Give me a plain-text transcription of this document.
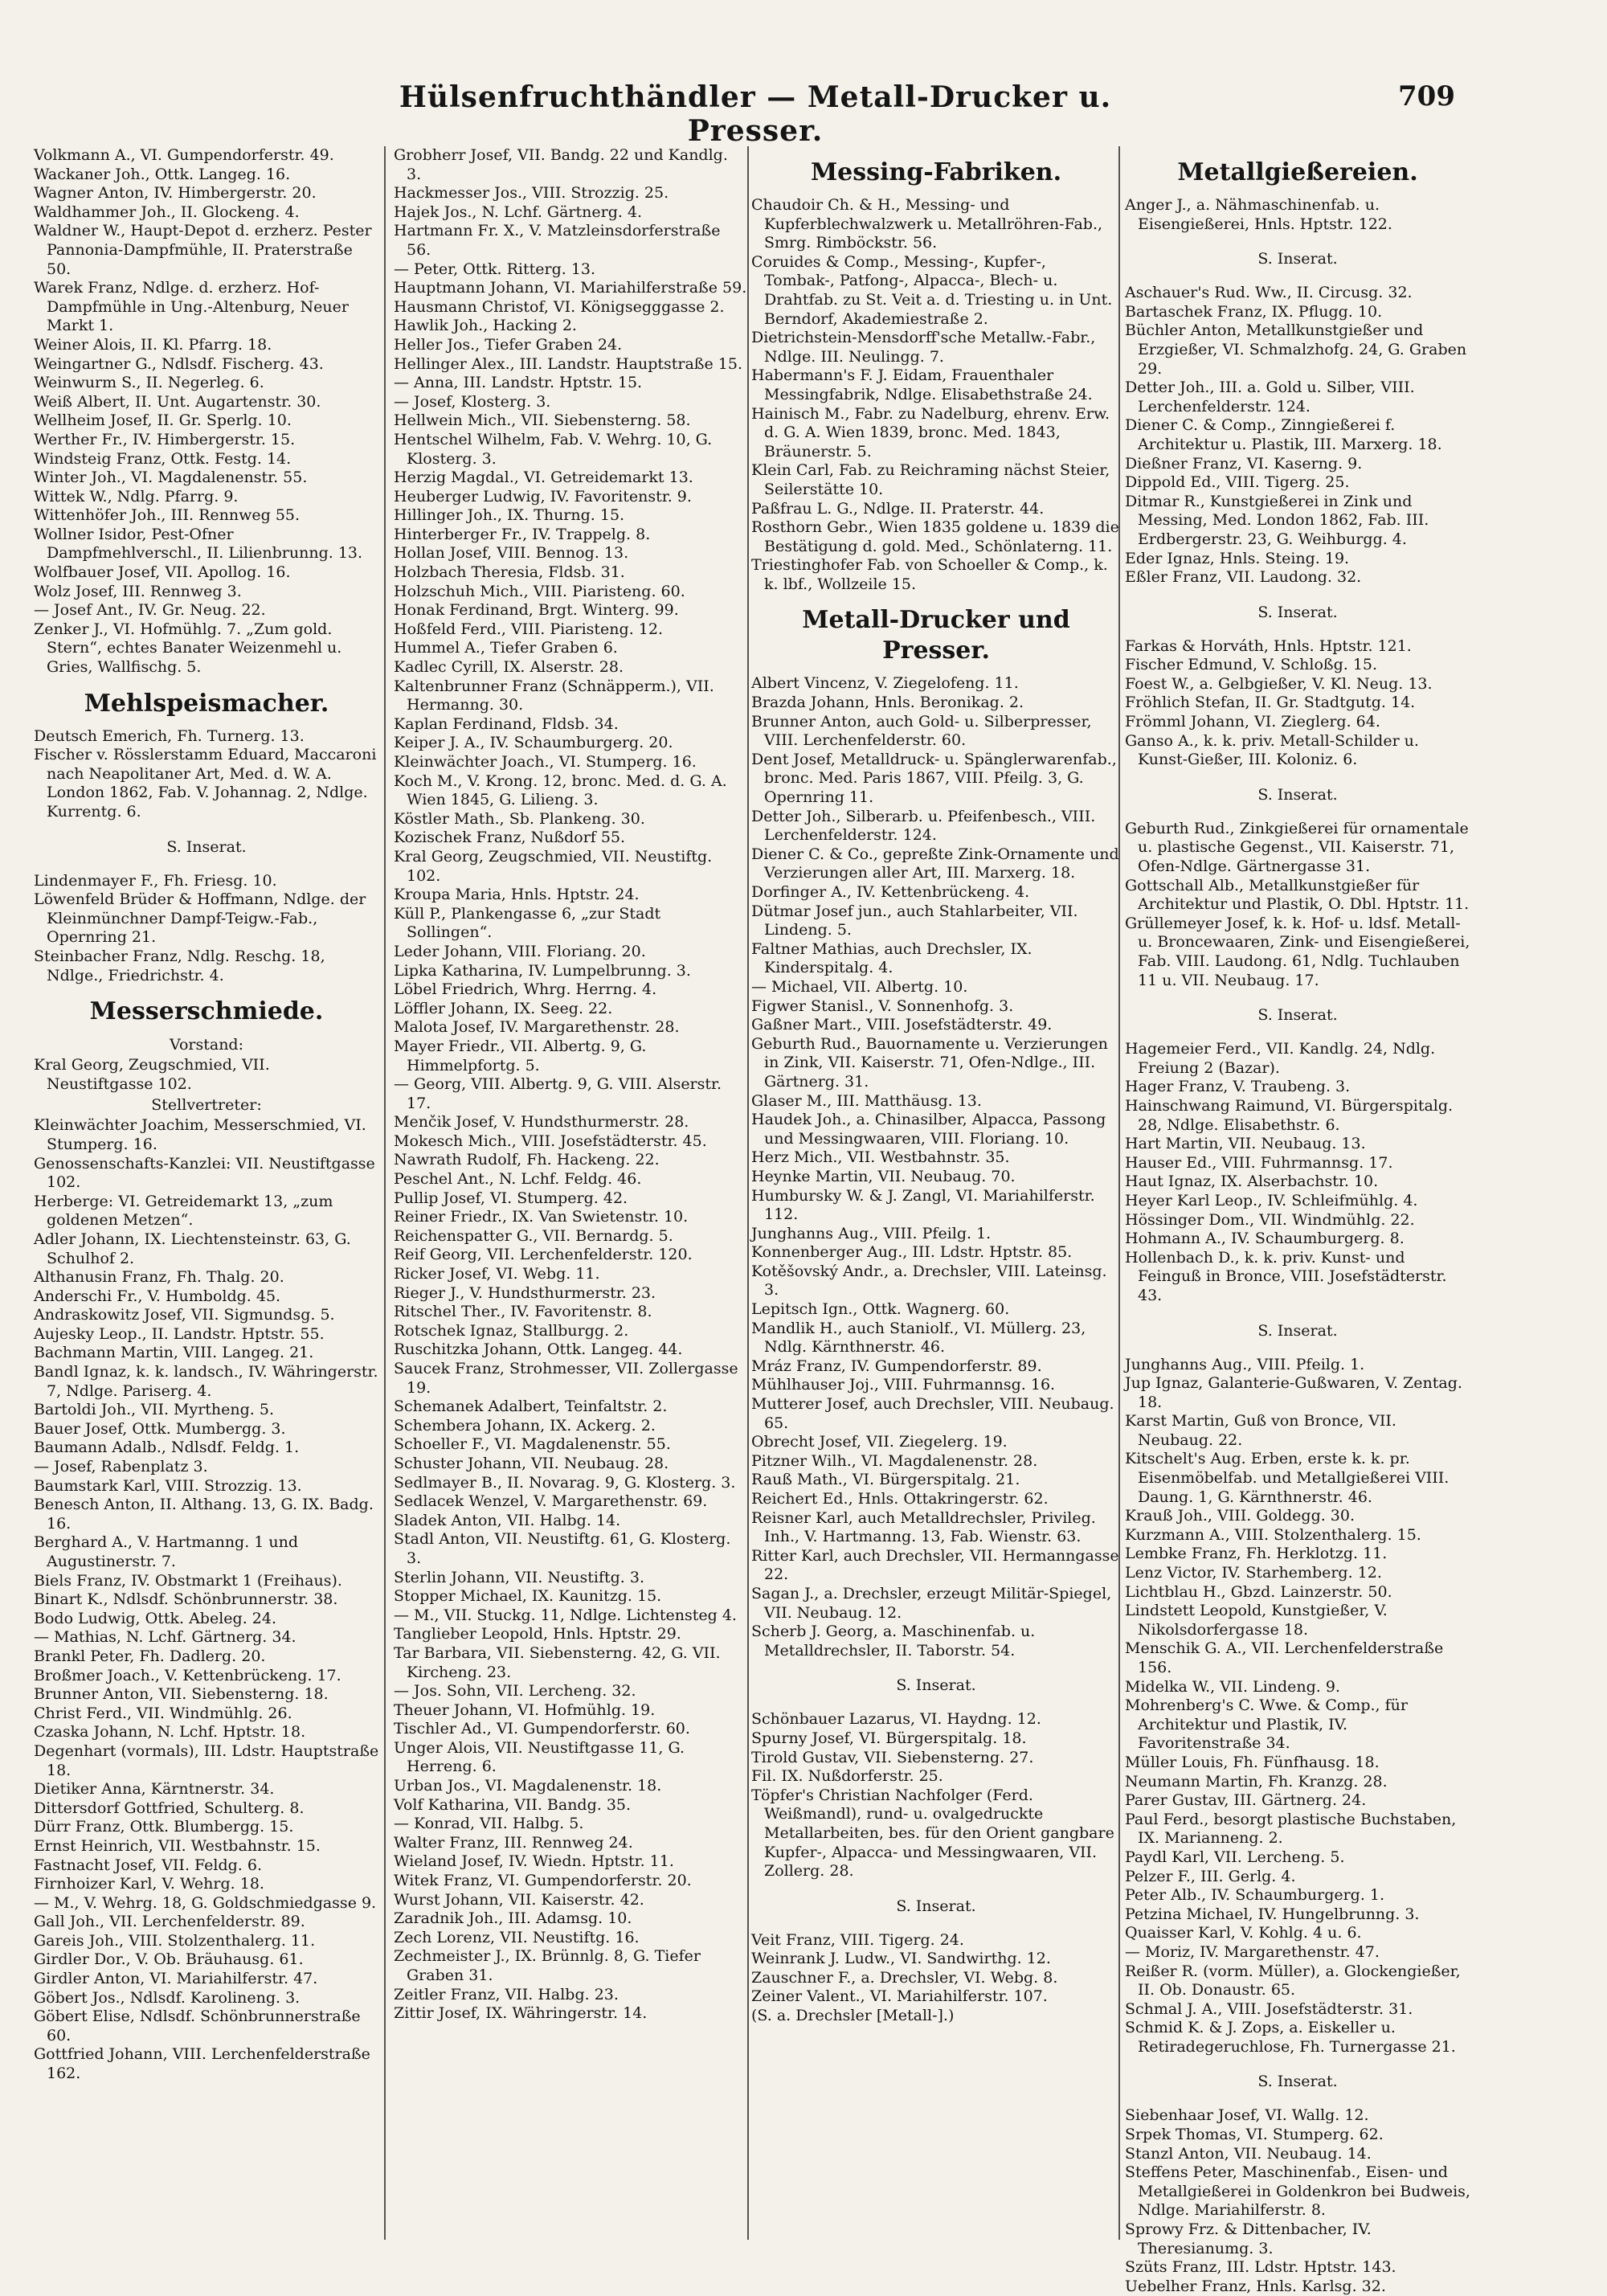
Hülsenfruchthändler — Metall-Drucker u. Presser.
709

Volkmann A., VI. Gumpendorferstr. 49.

Wackaner Joh., Ottk. Langeg. 16.

Wagner Anton, IV. Himbergerstr. 20.

Waldhammer Joh., II. Glockeng. 4.

Waldner W., Haupt-Depot d. erzherz. Pester Pannonia-Dampfmühle, II. Praterstraße 50.

Warek Franz, Ndlge. d. erzherz. Hof-Dampfmühle in Ung.-Altenburg, Neuer Markt 1.

Weiner Alois, II. Kl. Pfarrg. 18.

Weingartner G., Ndlsdf. Fischerg. 43.

Weinwurm S., II. Negerleg. 6.

Weiß Albert, II. Unt. Augartenstr. 30.

Wellheim Josef, II. Gr. Sperlg. 10.

Werther Fr., IV. Himbergerstr. 15.

Windsteig Franz, Ottk. Festg. 14.

Winter Joh., VI. Magdalenenstr. 55.

Wittek W., Ndlg. Pfarrg. 9.

Wittenhöfer Joh., III. Rennweg 55.

Wollner Isidor, Pest-Ofner Dampfmehlverschl., II. Lilienbrunng. 13.

Wolfbauer Josef, VII. Apollog. 16.

Wolz Josef, III. Rennweg 3.

— Josef Ant., IV. Gr. Neug. 22.

Zenker J., VI. Hofmühlg. 7. „Zum gold. Stern“, echtes Banater Weizenmehl u. Gries, Wallfischg. 5.

Mehlspeismacher.

Deutsch Emerich, Fh. Turnerg. 13.

Fischer v. Rösslerstamm Eduard, Maccaroni nach Neapolitaner Art, Med. d. W. A. London 1862, Fab. V. Johannag. 2, Ndlge. Kurrentg. 6.

S. Inserat.

Lindenmayer F., Fh. Friesg. 10.

Löwenfeld Brüder & Hoffmann, Ndlge. der Kleinmünchner Dampf-Teigw.-Fab., Opernring 21.

Steinbacher Franz, Ndlg. Reschg. 18, Ndlge., Friedrichstr. 4.

Messerschmiede.
Vorstand:

Kral Georg, Zeugschmied, VII. Neustiftgasse 102.

Stellvertreter:

Kleinwächter Joachim, Messerschmied, VI. Stumperg. 16.

Genossenschafts-Kanzlei: VII. Neustiftgasse 102.

Herberge: VI. Getreidemarkt 13, „zum goldenen Metzen“.

Adler Johann, IX. Liechtensteinstr. 63, G. Schulhof 2.

Althanusin Franz, Fh. Thalg. 20.

Anderschi Fr., V. Humboldg. 45.

Andraskowitz Josef, VII. Sigmundsg. 5.

Aujesky Leop., II. Landstr. Hptstr. 55.

Bachmann Martin, VIII. Langeg. 21.

Bandl Ignaz, k. k. landsch., IV. Währingerstr. 7, Ndlge. Pariserg. 4.

Bartoldi Joh., VII. Myrtheng. 5.

Bauer Josef, Ottk. Mumbergg. 3.

Baumann Adalb., Ndlsdf. Feldg. 1.

— Josef, Rabenplatz 3.

Baumstark Karl, VIII. Strozzig. 13.

Benesch Anton, II. Althang. 13, G. IX. Badg. 16.

Berghard A., V. Hartmanng. 1 und Augustinerstr. 7.

Biels Franz, IV. Obstmarkt 1 (Freihaus).

Binart K., Ndlsdf. Schönbrunnerstr. 38.

Bodo Ludwig, Ottk. Abeleg. 24.

— Mathias, N. Lchf. Gärtnerg. 34.

Brankl Peter, Fh. Dadlerg. 20.

Broßmer Joach., V. Kettenbrückeng. 17.

Brunner Anton, VII. Siebensterng. 18.

Christ Ferd., VII. Windmühlg. 26.

Czaska Johann, N. Lchf. Hptstr. 18.

Degenhart (vormals), III. Ldstr. Hauptstraße 18.

Dietiker Anna, Kärntnerstr. 34.

Dittersdorf Gottfried, Schulterg. 8.

Dürr Franz, Ottk. Blumbergg. 15.

Ernst Heinrich, VII. Westbahnstr. 15.

Fastnacht Josef, VII. Feldg. 6.

Firnhoizer Karl, V. Wehrg. 18.

— M., V. Wehrg. 18, G. Goldschmiedgasse 9.

Gall Joh., VII. Lerchenfelderstr. 89.

Gareis Joh., VIII. Stolzenthalerg. 11.

Girdler Dor., V. Ob. Bräuhausg. 61.

Girdler Anton, VI. Mariahilferstr. 47.

Göbert Jos., Ndlsdf. Karolineng. 3.

Göbert Elise, Ndlsdf. Schönbrunnerstraße 60.

Gottfried Johann, VIII. Lerchenfelderstraße 162.

Grobherr Josef, VII. Bandg. 22 und Kandlg. 3.

Hackmesser Jos., VIII. Strozzig. 25.

Hajek Jos., N. Lchf. Gärtnerg. 4.

Hartmann Fr. X., V. Matzleinsdorferstraße 56.

— Peter, Ottk. Ritterg. 13.

Hauptmann Johann, VI. Mariahilferstraße 59.

Hausmann Christof, VI. Königsegggasse 2.

Hawlik Joh., Hacking 2.

Heller Jos., Tiefer Graben 24.

Hellinger Alex., III. Landstr. Hauptstraße 15.

— Anna, III. Landstr. Hptstr. 15.

— Josef, Klosterg. 3.

Hellwein Mich., VII. Siebensterng. 58.

Hentschel Wilhelm, Fab. V. Wehrg. 10, G. Klosterg. 3.

Herzig Magdal., VI. Getreidemarkt 13.

Heuberger Ludwig, IV. Favoritenstr. 9.

Hillinger Joh., IX. Thurng. 15.

Hinterberger Fr., IV. Trappelg. 8.

Hollan Josef, VIII. Bennog. 13.

Holzbach Theresia, Fldsb. 31.

Holzschuh Mich., VIII. Piaristeng. 60.

Honak Ferdinand, Brgt. Winterg. 99.

Hoßfeld Ferd., VIII. Piaristeng. 12.

Hummel A., Tiefer Graben 6.

Kadlec Cyrill, IX. Alserstr. 28.

Kaltenbrunner Franz (Schnäpperm.), VII. Hermanng. 30.

Kaplan Ferdinand, Fldsb. 34.

Keiper J. A., IV. Schaumburgerg. 20.

Kleinwächter Joach., VI. Stumperg. 16.

Koch M., V. Krong. 12, bronc. Med. d. G. A. Wien 1845, G. Lilieng. 3.

Köstler Math., Sb. Plankeng. 30.

Kozischek Franz, Nußdorf 55.

Kral Georg, Zeugschmied, VII. Neustiftg. 102.

Kroupa Maria, Hnls. Hptstr. 24.

Küll P., Plankengasse 6, „zur Stadt Sollingen“.

Leder Johann, VIII. Floriang. 20.

Lipka Katharina, IV. Lumpelbrunng. 3.

Löbel Friedrich, Whrg. Herrng. 4.

Löffler Johann, IX. Seeg. 22.

Malota Josef, IV. Margarethenstr. 28.

Mayer Friedr., VII. Albertg. 9, G. Himmelpfortg. 5.

— Georg, VIII. Albertg. 9, G. VIII. Alserstr. 17.

Menčik Josef, V. Hundsthurmerstr. 28.

Mokesch Mich., VIII. Josefstädterstr. 45.

Nawrath Rudolf, Fh. Hackeng. 22.

Peschel Ant., N. Lchf. Feldg. 46.

Pullip Josef, VI. Stumperg. 42.

Reiner Friedr., IX. Van Swietenstr. 10.

Reichenspatter G., VII. Bernardg. 5.

Reif Georg, VII. Lerchenfelderstr. 120.

Ricker Josef, VI. Webg. 11.

Rieger J., V. Hundsthurmerstr. 23.

Ritschel Ther., IV. Favoritenstr. 8.

Rotschek Ignaz, Stallburgg. 2.

Ruschitzka Johann, Ottk. Langeg. 44.

Saucek Franz, Strohmesser, VII. Zollergasse 19.

Schemanek Adalbert, Teinfaltstr. 2.

Schembera Johann, IX. Ackerg. 2.

Schoeller F., VI. Magdalenenstr. 55.

Schuster Johann, VII. Neubaug. 28.

Sedlmayer B., II. Novarag. 9, G. Klosterg. 3.

Sedlacek Wenzel, V. Margarethenstr. 69.

Sladek Anton, VII. Halbg. 14.

Stadl Anton, VII. Neustiftg. 61, G. Klosterg. 3.

Sterlin Johann, VII. Neustiftg. 3.

Stopper Michael, IX. Kaunitzg. 15.

— M., VII. Stuckg. 11, Ndlge. Lichtensteg 4.

Tanglieber Leopold, Hnls. Hptstr. 29.

Tar Barbara, VII. Siebensterng. 42, G. VII. Kircheng. 23.

— Jos. Sohn, VII. Lercheng. 32.

Theuer Johann, VI. Hofmühlg. 19.

Tischler Ad., VI. Gumpendorferstr. 60.

Unger Alois, VII. Neustiftgasse 11, G. Herreng. 6.

Urban Jos., VI. Magdalenenstr. 18.

Volf Katharina, VII. Bandg. 35.

— Konrad, VII. Halbg. 5.

Walter Franz, III. Rennweg 24.

Wieland Josef, IV. Wiedn. Hptstr. 11.

Witek Franz, VI. Gumpendorferstr. 20.

Wurst Johann, VII. Kaiserstr. 42.

Zaradnik Joh., III. Adamsg. 10.

Zech Lorenz, VII. Neustiftg. 16.

Zechmeister J., IX. Brünnlg. 8, G. Tiefer Graben 31.

Zeitler Franz, VII. Halbg. 23.

Zittir Josef, IX. Währingerstr. 14.

Messing-Fabriken.

Chaudoir Ch. & H., Messing- und Kupferblechwalzwerk u. Metallröhren-Fab., Smrg. Rimböckstr. 56.

Coruides & Comp., Messing-, Kupfer-, Tombak-, Patfong-, Alpacca-, Blech- u. Drahtfab. zu St. Veit a. d. Triesting u. in Unt. Berndorf, Akademiestraße 2.

Dietrichstein-Mensdorff'sche Metallw.-Fabr., Ndlge. III. Neulingg. 7.

Habermann's F. J. Eidam, Frauenthaler Messingfabrik, Ndlge. Elisabethstraße 24.

Hainisch M., Fabr. zu Nadelburg, ehrenv. Erw. d. G. A. Wien 1839, bronc. Med. 1843, Bräunerstr. 5.

Klein Carl, Fab. zu Reichraming nächst Steier, Seilerstätte 10.

Paßfrau L. G., Ndlge. II. Praterstr. 44.

Rosthorn Gebr., Wien 1835 goldene u. 1839 die Bestätigung d. gold. Med., Schönlaterng. 11.

Triestinghofer Fab. von Schoeller & Comp., k. k. lbf., Wollzeile 15.

Metall-Drucker und Presser.

Albert Vincenz, V. Ziegelofeng. 11.

Brazda Johann, Hnls. Beronikag. 2.

Brunner Anton, auch Gold- u. Silberpresser, VIII. Lerchenfelderstr. 60.

Dent Josef, Metalldruck- u. Spänglerwarenfab., bronc. Med. Paris 1867, VIII. Pfeilg. 3, G. Opernring 11.

Detter Joh., Silberarb. u. Pfeifenbesch., VIII. Lerchenfelderstr. 124.

Diener C. & Co., gepreßte Zink-Ornamente und Verzierungen aller Art, III. Marxerg. 18.

Dorfinger A., IV. Kettenbrückeng. 4.

Dütmar Josef jun., auch Stahlarbeiter, VII. Lindeng. 5.

Faltner Mathias, auch Drechsler, IX. Kinderspitalg. 4.

— Michael, VII. Albertg. 10.

Figwer Stanisl., V. Sonnenhofg. 3.

Gaßner Mart., VIII. Josefstädterstr. 49.

Geburth Rud., Bauornamente u. Verzierungen in Zink, VII. Kaiserstr. 71, Ofen-Ndlge., III. Gärtnerg. 31.

Glaser M., III. Matthäusg. 13.

Haudek Joh., a. Chinasilber, Alpacca, Passong und Messingwaaren, VIII. Floriang. 10.

Herz Mich., VII. Westbahnstr. 35.

Heynke Martin, VII. Neubaug. 70.

Humbursky W. & J. Zangl, VI. Mariahilferstr. 112.

Junghanns Aug., VIII. Pfeilg. 1.

Konnenberger Aug., III. Ldstr. Hptstr. 85.

Kotěšovský Andr., a. Drechsler, VIII. Lateinsg. 3.

Lepitsch Ign., Ottk. Wagnerg. 60.

Mandlik H., auch Staniolf., VI. Müllerg. 23, Ndlg. Kärnthnerstr. 46.

Mráz Franz, IV. Gumpendorferstr. 89.

Mühlhauser Joj., VIII. Fuhrmannsg. 16.

Mutterer Josef, auch Drechsler, VIII. Neubaug. 65.

Obrecht Josef, VII. Ziegelerg. 19.

Pitzner Wilh., VI. Magdalenenstr. 28.

Rauß Math., VI. Bürgerspitalg. 21.

Reichert Ed., Hnls. Ottakringerstr. 62.

Reisner Karl, auch Metalldrechsler, Privileg. Inh., V. Hartmanng. 13, Fab. Wienstr. 63.

Ritter Karl, auch Drechsler, VII. Hermanngasse 22.

Sagan J., a. Drechsler, erzeugt Militär-Spiegel, VII. Neubaug. 12.

Scherb J. Georg, a. Maschinenfab. u. Metalldrechsler, II. Taborstr. 54.

S. Inserat.

Schönbauer Lazarus, VI. Haydng. 12.

Spurny Josef, VI. Bürgerspitalg. 18.

Tirold Gustav, VII. Siebensterng. 27.

Fil. IX. Nußdorferstr. 25.

Töpfer's Christian Nachfolger (Ferd. Weißmandl), rund- u. ovalgedruckte Metallarbeiten, bes. für den Orient gangbare Kupfer-, Alpacca- und Messingwaaren, VII. Zollerg. 28.

S. Inserat.

Veit Franz, VIII. Tigerg. 24.

Weinrank J. Ludw., VI. Sandwirthg. 12.

Zauschner F., a. Drechsler, VI. Webg. 8.

Zeiner Valent., VI. Mariahilferstr. 107.

(S. a. Drechsler [Metall-].)

Metallgießereien.

Anger J., a. Nähmaschinenfab. u. Eisengießerei, Hnls. Hptstr. 122.

S. Inserat.

Aschauer's Rud. Ww., II. Circusg. 32.

Bartaschek Franz, IX. Pflugg. 10.

Büchler Anton, Metallkunstgießer und Erzgießer, VI. Schmalzhofg. 24, G. Graben 29.

Detter Joh., III. a. Gold u. Silber, VIII. Lerchenfelderstr. 124.

Diener C. & Comp., Zinngießerei f. Architektur u. Plastik, III. Marxerg. 18.

Dießner Franz, VI. Kaserng. 9.

Dippold Ed., VIII. Tigerg. 25.

Ditmar R., Kunstgießerei in Zink und Messing, Med. London 1862, Fab. III. Erdbergerstr. 23, G. Weihburgg. 4.

Eder Ignaz, Hnls. Steing. 19.

Eßler Franz, VII. Laudong. 32.

S. Inserat.

Farkas & Horváth, Hnls. Hptstr. 121.

Fischer Edmund, V. Schloßg. 15.

Foest W., a. Gelbgießer, V. Kl. Neug. 13.

Fröhlich Stefan, II. Gr. Stadtgutg. 14.

Frömml Johann, VI. Zieglerg. 64.

Ganso A., k. k. priv. Metall-Schilder u. Kunst-Gießer, III. Koloniz. 6.

S. Inserat.

Geburth Rud., Zinkgießerei für ornamentale u. plastische Gegenst., VII. Kaiserstr. 71, Ofen-Ndlge. Gärtnergasse 31.

Gottschall Alb., Metallkunstgießer für Architektur und Plastik, O. Dbl. Hptstr. 11.

Grüllemeyer Josef, k. k. Hof- u. ldsf. Metall- u. Broncewaaren, Zink- und Eisengießerei, Fab. VIII. Laudong. 61, Ndlg. Tuchlauben 11 u. VII. Neubaug. 17.

S. Inserat.

Hagemeier Ferd., VII. Kandlg. 24, Ndlg. Freiung 2 (Bazar).

Hager Franz, V. Traubeng. 3.

Hainschwang Raimund, VI. Bürgerspitalg. 28, Ndlge. Elisabethstr. 6.

Hart Martin, VII. Neubaug. 13.

Hauser Ed., VIII. Fuhrmannsg. 17.

Haut Ignaz, IX. Alserbachstr. 10.

Heyer Karl Leop., IV. Schleifmühlg. 4.

Hössinger Dom., VII. Windmühlg. 22.

Hohmann A., IV. Schaumburgerg. 8.

Hollenbach D., k. k. priv. Kunst- und Feinguß in Bronce, VIII. Josefstädterstr. 43.

S. Inserat.

Junghanns Aug., VIII. Pfeilg. 1.

Jup Ignaz, Galanterie-Gußwaren, V. Zentag. 18.

Karst Martin, Guß von Bronce, VII. Neubaug. 22.

Kitschelt's Aug. Erben, erste k. k. pr. Eisenmöbelfab. und Metallgießerei VIII. Daung. 1, G. Kärnthnerstr. 46.

Krauß Joh., VIII. Goldegg. 30.

Kurzmann A., VIII. Stolzenthalerg. 15.

Lembke Franz, Fh. Herklotzg. 11.

Lenz Victor, IV. Starhemberg. 12.

Lichtblau H., Gbzd. Lainzerstr. 50.

Lindstett Leopold, Kunstgießer, V. Nikolsdorfergasse 18.

Menschik G. A., VII. Lerchenfelderstraße 156.

Midelka W., VII. Lindeng. 9.

Mohrenberg's C. Wwe. & Comp., für Architektur und Plastik, IV. Favoritenstraße 34.

Müller Louis, Fh. Fünfhausg. 18.

Neumann Martin, Fh. Kranzg. 28.

Parer Gustav, III. Gärtnerg. 24.

Paul Ferd., besorgt plastische Buchstaben, IX. Marianneng. 2.

Paydl Karl, VII. Lercheng. 5.

Pelzer F., III. Gerlg. 4.

Peter Alb., IV. Schaumburgerg. 1.

Petzina Michael, IV. Hungelbrunng. 3.

Quaisser Karl, V. Kohlg. 4 u. 6.

— Moriz, IV. Margarethenstr. 47.

Reißer R. (vorm. Müller), a. Glockengießer, II. Ob. Donaustr. 65.

Schmal J. A., VIII. Josefstädterstr. 31.

Schmid K. & J. Zops, a. Eiskeller u. Retiradegeruchlose, Fh. Turnergasse 21.

S. Inserat.

Siebenhaar Josef, VI. Wallg. 12.

Srpek Thomas, VI. Stumperg. 62.

Stanzl Anton, VII. Neubaug. 14.

Steffens Peter, Maschinenfab., Eisen- und Metallgießerei in Goldenkron bei Budweis, Ndlge. Mariahilferstr. 8.

Sprowy Frz. & Dittenbacher, IV. Theresianumg. 3.

Szüts Franz, III. Ldstr. Hptstr. 143.

Uebelher Franz, Hnls. Karlsg. 32.
